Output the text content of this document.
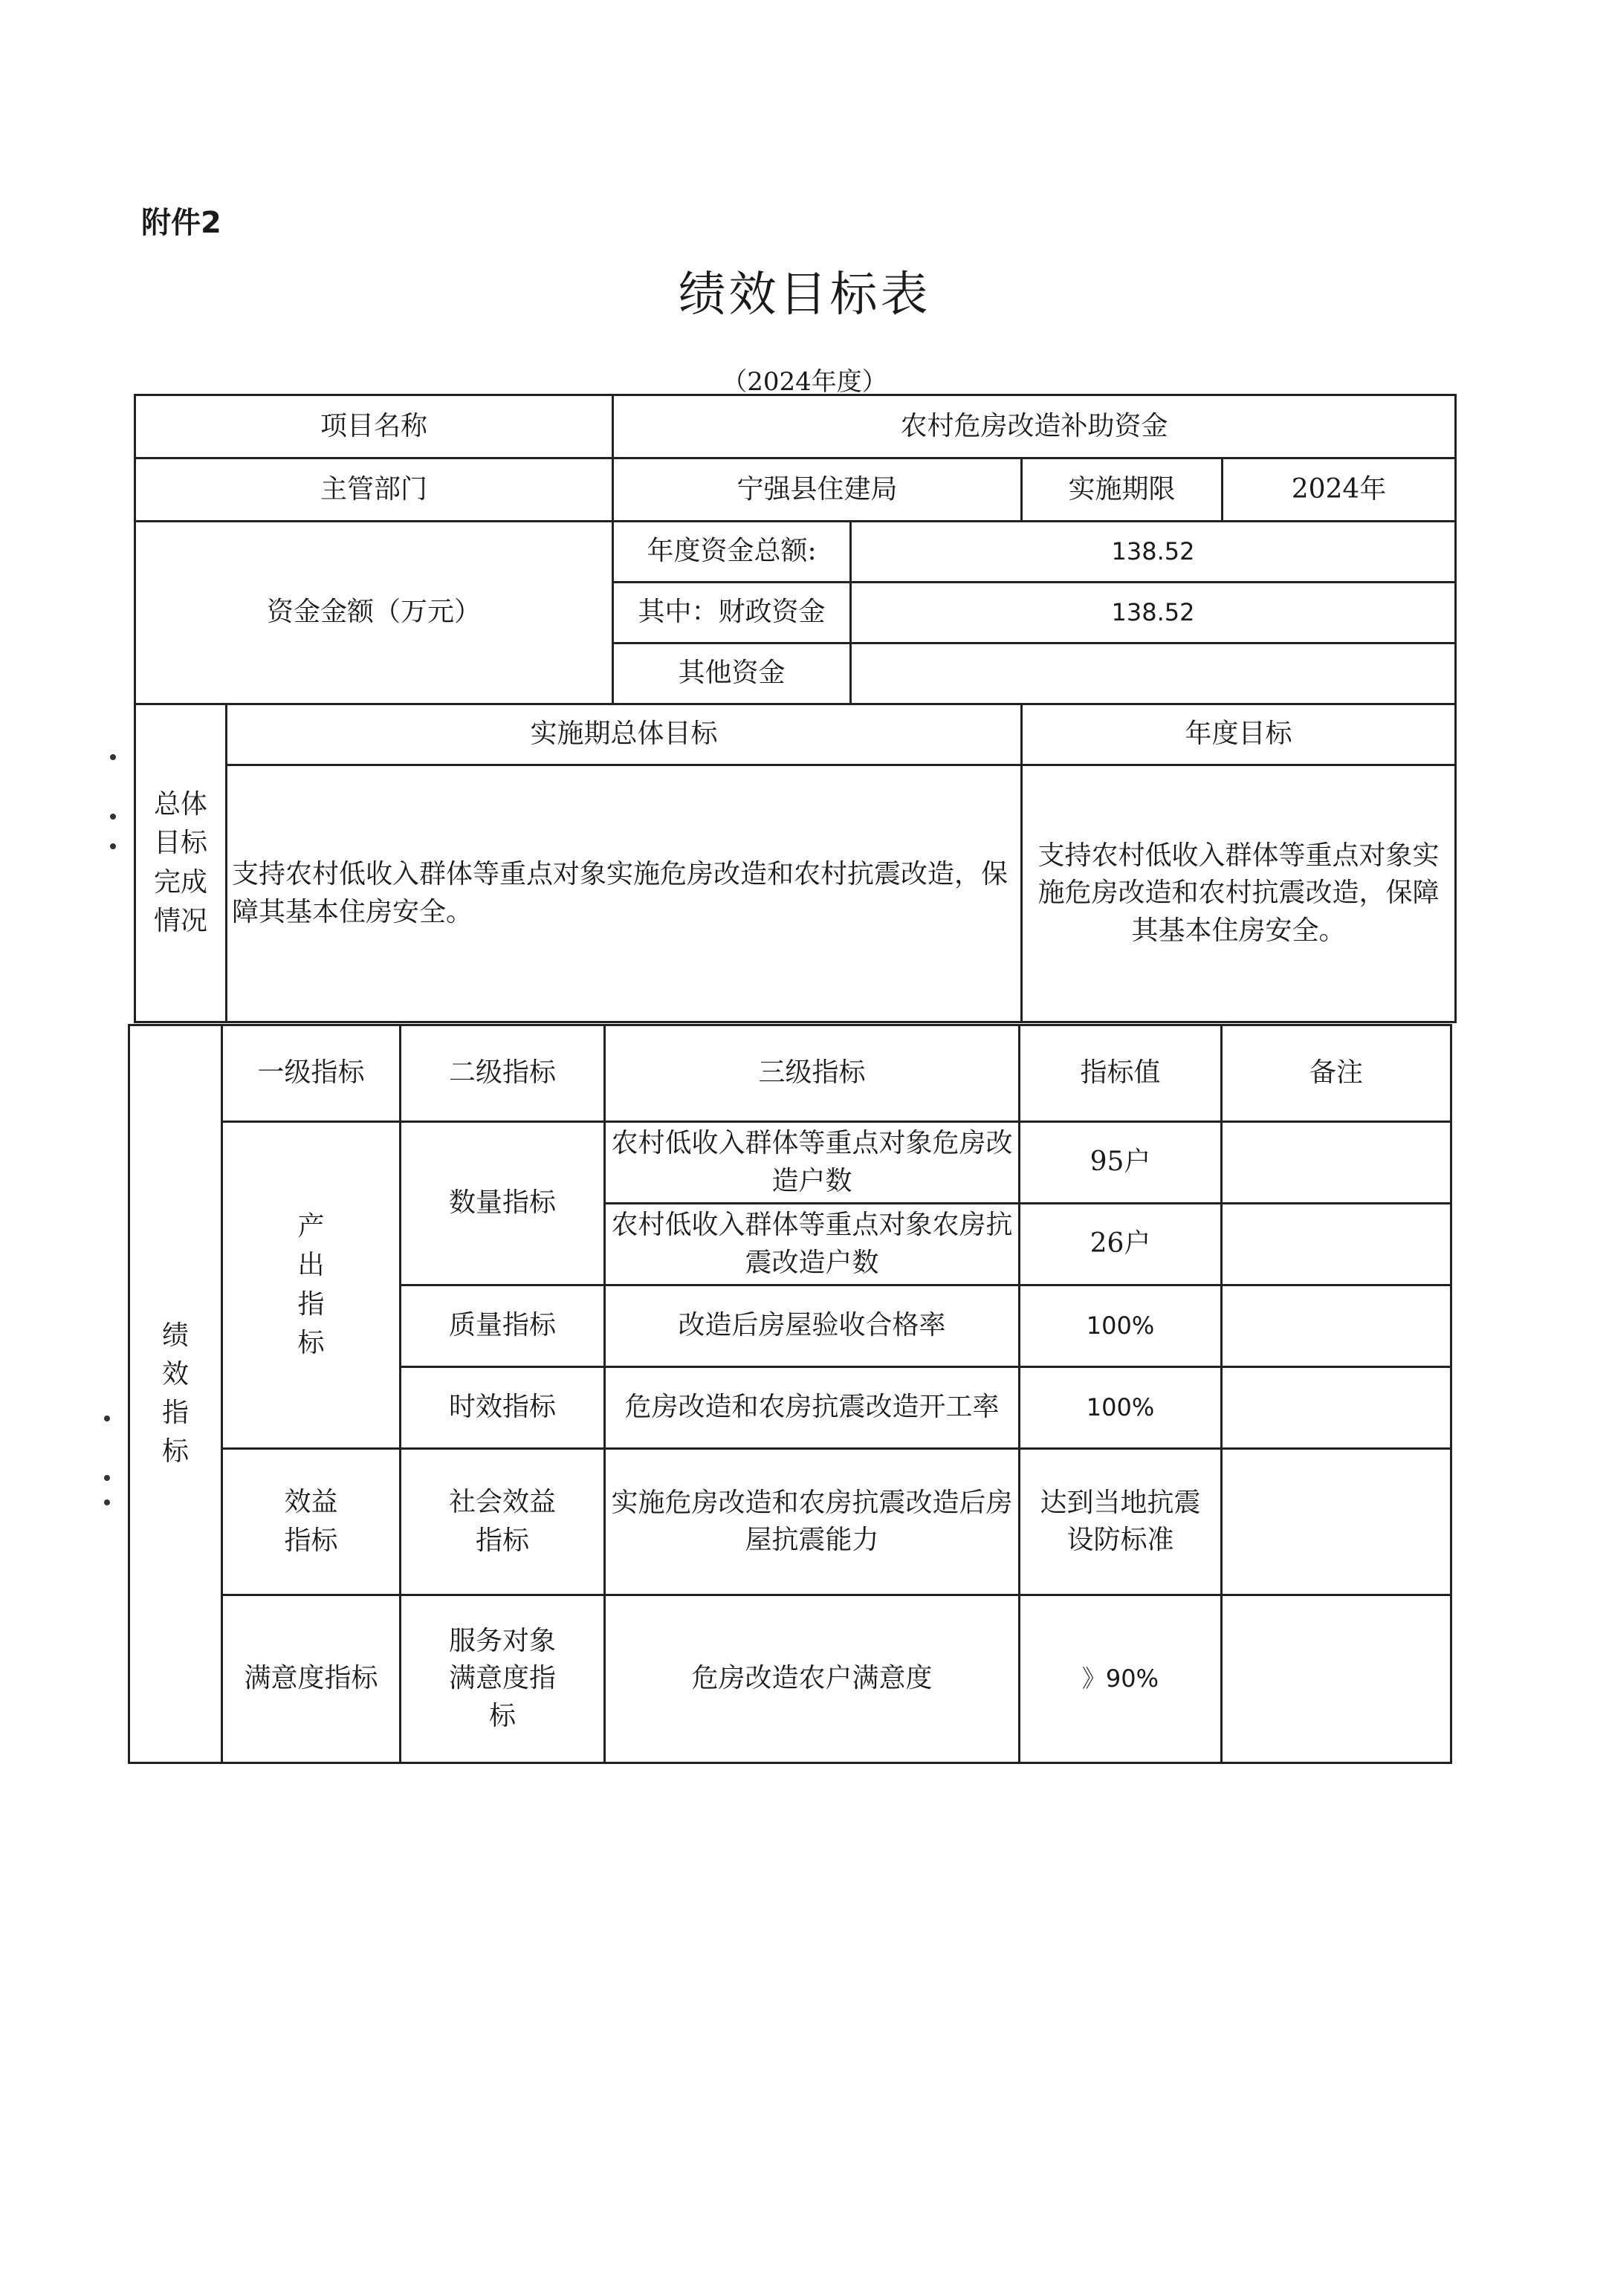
附件2
绩效目标表
（2024年度）
项目名称		农村危房改造补助资金			
主管部门		宁强县住建局		实施期限	2024年
资金金额（万元）		年度资金总额:	138.52		
		其中：财政资金	138.52		
		其他资金			
总体目标完成情况	实施期总体目标			年度目标	
	支持农村低收入群体等重点对象实施危房改造和农村抗震改造，保障其基本住房安全。			支持农村低收入群体等重点对象实施危房改造和农村抗震改造，保障其基本住房安全。	
绩效指标	一级指标	二级指标	三级指标	指标值	备注
	产出指标	数量指标	农村低收入群体等重点对象危房改造户数	95户	
			农村低收入群体等重点对象农房抗震改造户数	26户	
		质量指标	改造后房屋验收合格率	100%	
		时效指标	危房改造和农房抗震改造开工率	100%	
	效益指标	社会效益指标	实施危房改造和农房抗震改造后房屋抗震能力	达到当地抗震设防标准	
	满意度指标	服务对象满意度指标	危房改造农户满意度	》90%	
